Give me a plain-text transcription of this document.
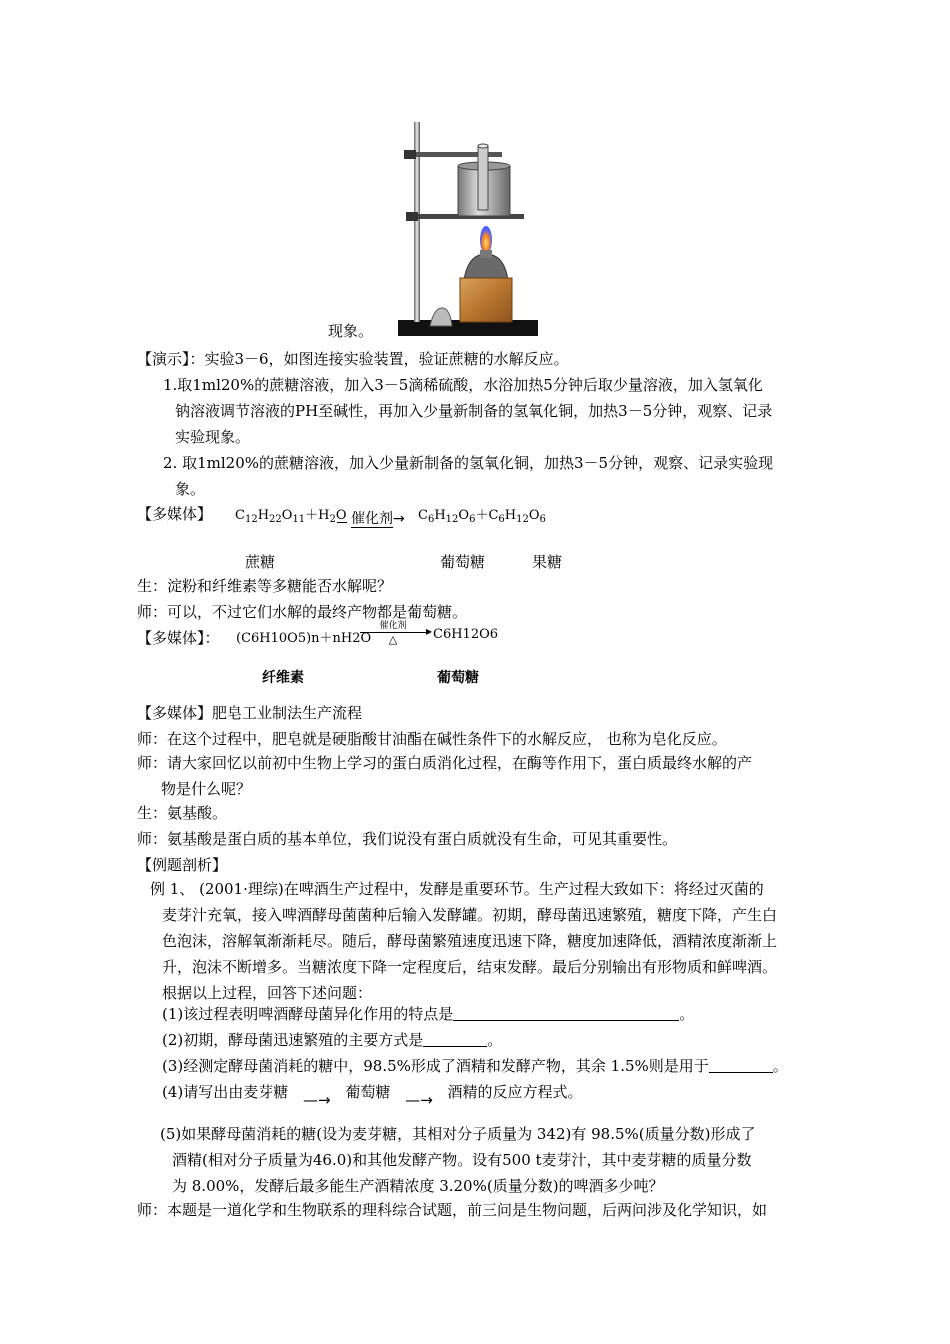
现象。
【演示】：实验3－6，如图连接实验装置，验证蔗糖的水解反应。
1.取1ml20%的蔗糖溶液，加入3－5滴稀硫酸，水浴加热5分钟后取少量溶液，加入氢氧化
钠溶液调节溶液的PH至碱性，再加入少量新制备的氢氧化铜，加热3－5分钟，观察、记录
实验现象。
2. 取1ml20%的蔗糖溶液，加入少量新制备的氢氧化铜，加热3－5分钟，观察、记录实验现
象。
【多媒体】 $C_{12}H_{22}O_{11}+H_2O$ 催化剂→ $C_6H_{12}O_6+C_6H_{12}O_6$
蔗糖	葡萄糖	果糖
生：淀粉和纤维素等多糖能否水解呢？
师：可以，不过它们水解的最终产物都是葡萄糖。
【多媒体】： (C6H10O5)n＋nH2O
催化剂	▸
△	C6H12O6
纤维素	葡萄糖
【多媒体】肥皂工业制法生产流程
师：在这个过程中，肥皂就是硬脂酸甘油酯在碱性条件下的水解反应， 也称为皂化反应。
师：请大家回忆以前初中生物上学习的蛋白质消化过程，在酶等作用下，蛋白质最终水解的产
物是什么呢？
生：氨基酸。
师：氨基酸是蛋白质的基本单位，我们说没有蛋白质就没有生命，可见其重要性。
【例题剖析】
例 1、 (2001·理综)在啤酒生产过程中，发酵是重要环节。生产过程大致如下：将经过灭菌的
麦芽汁充氧，接入啤酒酵母菌菌种后输入发酵罐。初期，酵母菌迅速繁殖，糖度下降，产生白
色泡沫，溶解氧渐渐耗尽。随后，酵母菌繁殖速度迅速下降，糖度加速降低，酒精浓度渐渐上
升，泡沫不断增多。当糖浓度下降一定程度后，结束发酵。最后分别输出有形物质和鲜啤酒。
根据以上过程，回答下述问题：
(1)该过程表明啤酒酵母菌异化作用的特点是	。
(2)初期，酵母菌迅速繁殖的主要方式是	。
(3)经测定酵母菌消耗的糖中，98.5%形成了酒精和发酵产物，其余 1.5%则是用于	。
(4)请写出由麦芽糖 —→ 葡萄糖 —→ 酒精的反应方程式。
(5)如果酵母菌消耗的糖(设为麦芽糖，其相对分子质量为 342)有 98.5%(质量分数)形成了
酒精(相对分子质量为46.0)和其他发酵产物。设有500 t麦芽汁，其中麦芽糖的质量分数
为 8.00%，发酵后最多能生产酒精浓度 3.20%(质量分数)的啤酒多少吨？
师：本题是一道化学和生物联系的理科综合试题，前三问是生物问题，后两问涉及化学知识，如
